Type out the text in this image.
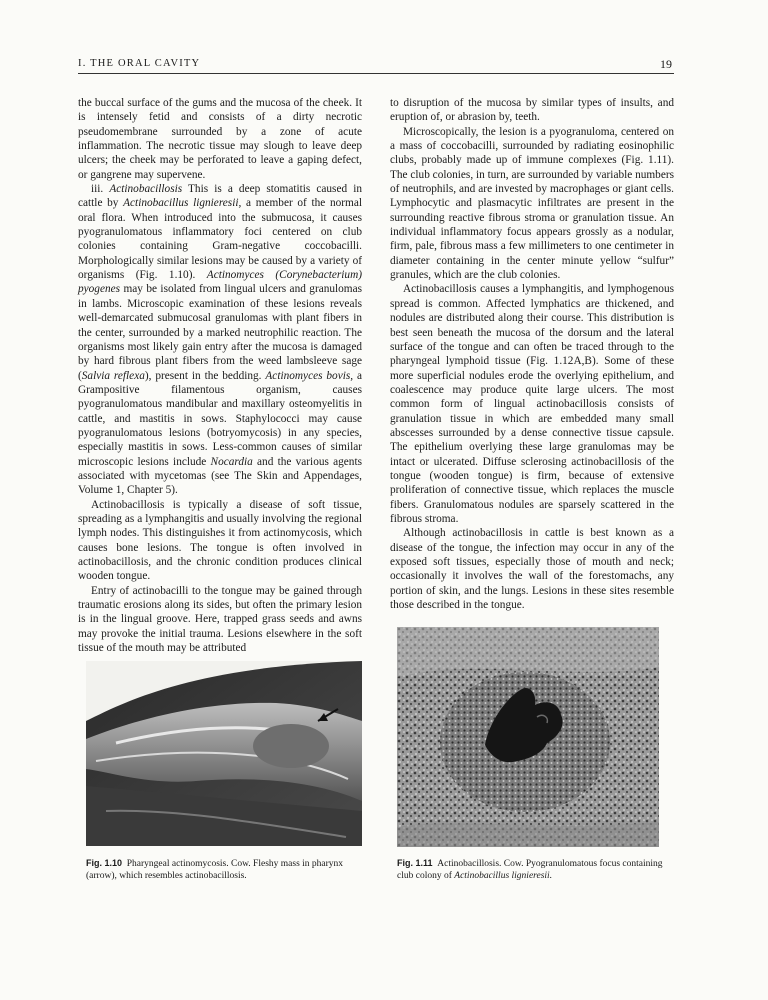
I. THE ORAL CAVITY	19

the buccal surface of the gums and the mucosa of the cheek. It is intensely fetid and consists of a dirty necrotic pseudomembrane surrounded by a zone of acute inflammation. The necrotic tissue may slough to leave deep ulcers; the cheek may be perforated to leave a gaping defect, or gangrene may supervene.

iii. Actinobacillosis This is a deep stomatitis caused in cattle by Actinobacillus lignieresii, a member of the normal oral flora. When introduced into the submucosa, it causes pyogranulomatous inflammatory foci centered on club colonies containing Gram-negative coccobacilli. Morphologically similar lesions may be caused by a variety of organisms (Fig. 1.10). Actinomyces (Corynebacterium) pyogenes may be isolated from lingual ulcers and granulomas in lambs. Microscopic examination of these lesions reveals well-demarcated submucosal granulomas with plant fibers in the center, surrounded by a marked neutrophilic reaction. The organisms most likely gain entry after the mucosa is damaged by hard fibrous plant fibers from the weed lambsleeve sage (Salvia reflexa), present in the bedding. Actinomyces bovis, a Grampositive filamentous organism, causes pyogranulomatous mandibular and maxillary osteomyelitis in cattle, and mastitis in sows. Staphylococci may cause pyogranulomatous lesions (botryomycosis) in any species, especially mastitis in sows. Less-common causes of similar microscopic lesions include Nocardia and the various agents associated with mycetomas (see The Skin and Appendages, Volume 1, Chapter 5).

Actinobacillosis is typically a disease of soft tissue, spreading as a lymphangitis and usually involving the regional lymph nodes. This distinguishes it from actinomycosis, which causes bone lesions. The tongue is often involved in actinobacillosis, and the chronic condition produces clinical wooden tongue.

Entry of actinobacilli to the tongue may be gained through traumatic erosions along its sides, but often the primary lesion is in the lingual groove. Here, trapped grass seeds and awns may provoke the initial trauma. Lesions elsewhere in the soft tissue of the mouth may be attributed

to disruption of the mucosa by similar types of insults, and eruption of, or abrasion by, teeth.

Microscopically, the lesion is a pyogranuloma, centered on a mass of coccobacilli, surrounded by radiating eosinophilic clubs, probably made up of immune complexes (Fig. 1.11). The club colonies, in turn, are surrounded by variable numbers of neutrophils, and are invested by macrophages or giant cells. Lymphocytic and plasmacytic infiltrates are present in the surrounding reactive fibrous stroma or granulation tissue. An individual inflammatory focus appears grossly as a nodular, firm, pale, fibrous mass a few millimeters to one centimeter in diameter containing in the center minute yellow “sulfur” granules, which are the club colonies.

Actinobacillosis causes a lymphangitis, and lymphogenous spread is common. Affected lymphatics are thickened, and nodules are distributed along their course. This distribution is best seen beneath the mucosa of the dorsum and the lateral surface of the tongue and can often be traced through to the pharyngeal lymphoid tissue (Fig. 1.12A,B). Some of these more superficial nodules erode the overlying epithelium, and coalescence may produce quite large ulcers. The most common form of lingual actinobacillosis consists of granulation tissue in which are embedded many small abscesses surrounded by a dense connective tissue capsule. The epithelium overlying these large granulomas may be intact or ulcerated. Diffuse sclerosing actinobacillosis of the tongue (wooden tongue) is firm, because of extensive proliferation of connective tissue, which replaces the muscle fibers. Granulomatous nodules are sparsely scattered in the fibrous stroma.

Although actinobacillosis in cattle is best known as a disease of the tongue, the infection may occur in any of the exposed soft tissues, especially those of mouth and neck; occasionally it involves the wall of the forestomachs, any portion of skin, and the lungs. Lesions in these sites resemble those described in the tongue.

Fig. 1.10 Pharyngeal actinomycosis. Cow. Fleshy mass in pharynx (arrow), which resembles actinobacillosis.
Fig. 1.11 Actinobacillosis. Cow. Pyogranulomatous focus containing club colony of Actinobacillus lignieresii.
